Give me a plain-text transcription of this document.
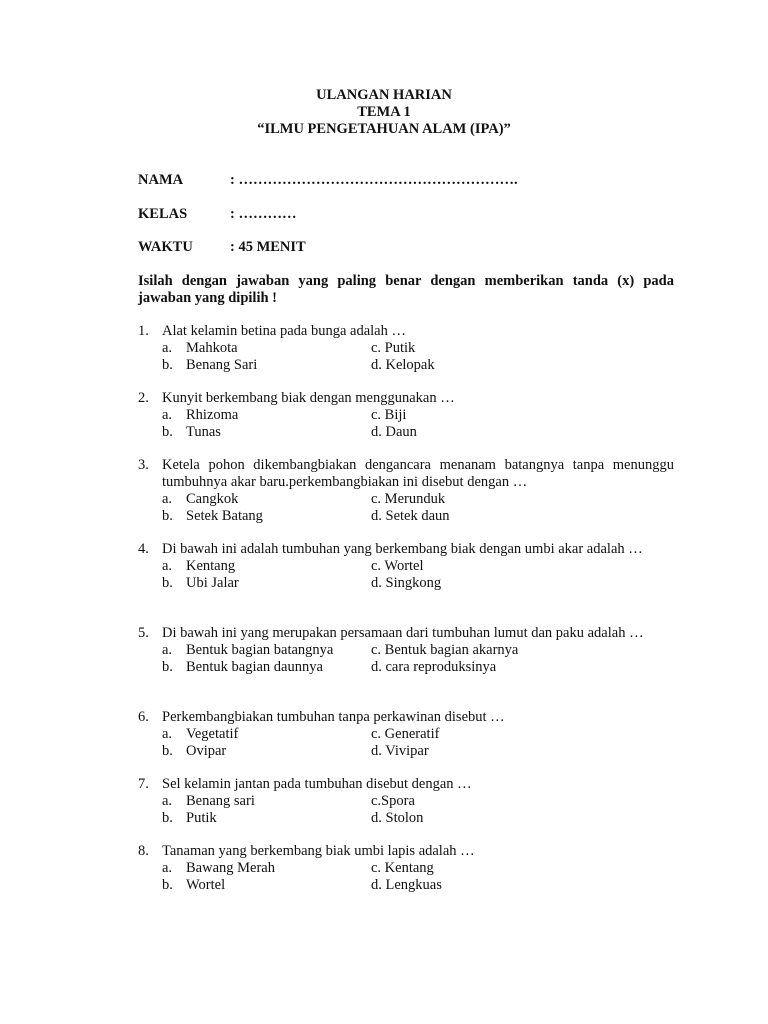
ULANGAN HARIAN
TEMA 1
“ILMU PENGETAHUAN ALAM (IPA)”
NAMA	: ………………………………………………….
KELAS	: …………
WAKTU	: 45 MENIT
Isilah dengan jawaban yang paling benar dengan memberikan tanda (x) pada jawaban yang dipilih !
1. Alat kelamin betina pada bunga adalah …
a. Mahkota	c. Putik
b. Benang Sari	d. Kelopak
2. Kunyit berkembang biak dengan menggunakan …
a. Rhizoma	c. Biji
b. Tunas	d. Daun
3. Ketela pohon dikembangbiakan dengancara menanam batangnya tanpa menunggu tumbuhnya akar baru.perkembangbiakan ini disebut dengan …
a. Cangkok	c. Merunduk
b. Setek Batang	d. Setek daun
4. Di bawah ini adalah tumbuhan yang berkembang biak dengan umbi akar adalah …
a. Kentang	c. Wortel
b. Ubi Jalar	d. Singkong
5. Di bawah ini yang merupakan persamaan dari tumbuhan lumut dan paku adalah …
a. Bentuk bagian batangnya	c. Bentuk bagian akarnya
b. Bentuk bagian daunnya	d. cara reproduksinya
6. Perkembangbiakan tumbuhan tanpa perkawinan disebut …
a. Vegetatif	c. Generatif
b. Ovipar	d. Vivipar
7. Sel kelamin jantan pada tumbuhan disebut dengan …
a. Benang sari	c.Spora
b. Putik	d. Stolon
8. Tanaman yang berkembang biak umbi lapis adalah …
a. Bawang Merah	c. Kentang
b. Wortel	d. Lengkuas
